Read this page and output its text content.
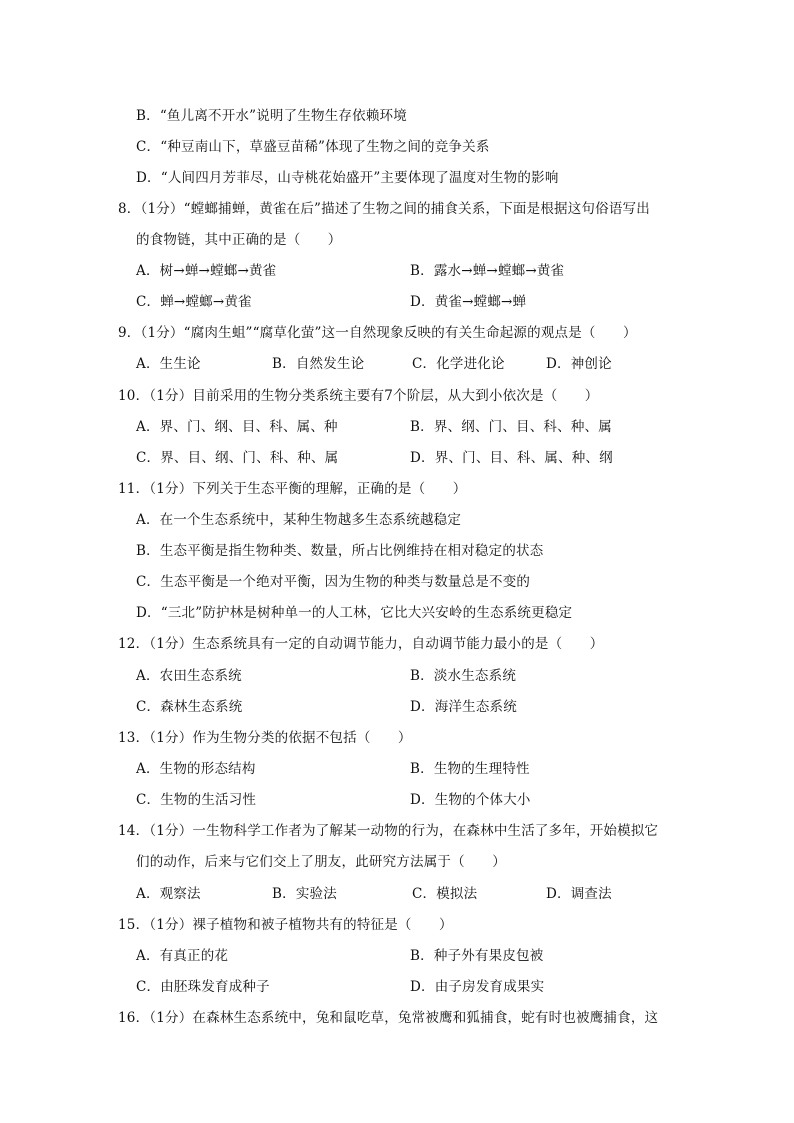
B．“鱼儿离不开水”说明了生物生存依赖环境
C．“种豆南山下，草盛豆苗稀”体现了生物之间的竞争关系
D．“人间四月芳菲尽，山寺桃花始盛开”主要体现了温度对生物的影响
8．（1分）“螳螂捕蝉，黄雀在后”描述了生物之间的捕食关系，下面是根据这句俗语写出
的食物链，其中正确的是（　　）
A．树→蝉→螳螂→黄雀	B．露水→蝉→螳螂→黄雀
C．蝉→螳螂→黄雀	D．黄雀→螳螂→蝉
9．（1分）“腐肉生蛆”“腐草化萤”这一自然现象反映的有关生命起源的观点是（　　）
A．生生论	B．自然发生论	C．化学进化论	D．神创论
10．（1分）目前采用的生物分类系统主要有7个阶层，从大到小依次是（　　）
A．界、门、纲、目、科、属、种	B．界、纲、门、目、科、种、属
C．界、目、纲、门、科、种、属	D．界、门、目、科、属、种、纲
11．（1分）下列关于生态平衡的理解，正确的是（　　）
A．在一个生态系统中，某种生物越多生态系统越稳定
B．生态平衡是指生物种类、数量，所占比例维持在相对稳定的状态
C．生态平衡是一个绝对平衡，因为生物的种类与数量总是不变的
D．“三北”防护林是树种单一的人工林，它比大兴安岭的生态系统更稳定
12．（1分）生态系统具有一定的自动调节能力，自动调节能力最小的是（　　）
A．农田生态系统	B．淡水生态系统
C．森林生态系统	D．海洋生态系统
13．（1分）作为生物分类的依据不包括（　　）
A．生物的形态结构	B．生物的生理特性
C．生物的生活习性	D．生物的个体大小
14．（1分）一生物科学工作者为了解某一动物的行为，在森林中生活了多年，开始模拟它
们的动作，后来与它们交上了朋友，此研究方法属于（　　）
A．观察法	B．实验法	C．模拟法	D．调查法
15．（1分）裸子植物和被子植物共有的特征是（　　）
A．有真正的花	B．种子外有果皮包被
C．由胚珠发育成种子	D．由子房发育成果实
16．（1分）在森林生态系统中，兔和鼠吃草，兔常被鹰和狐捕食，蛇有时也被鹰捕食，这
